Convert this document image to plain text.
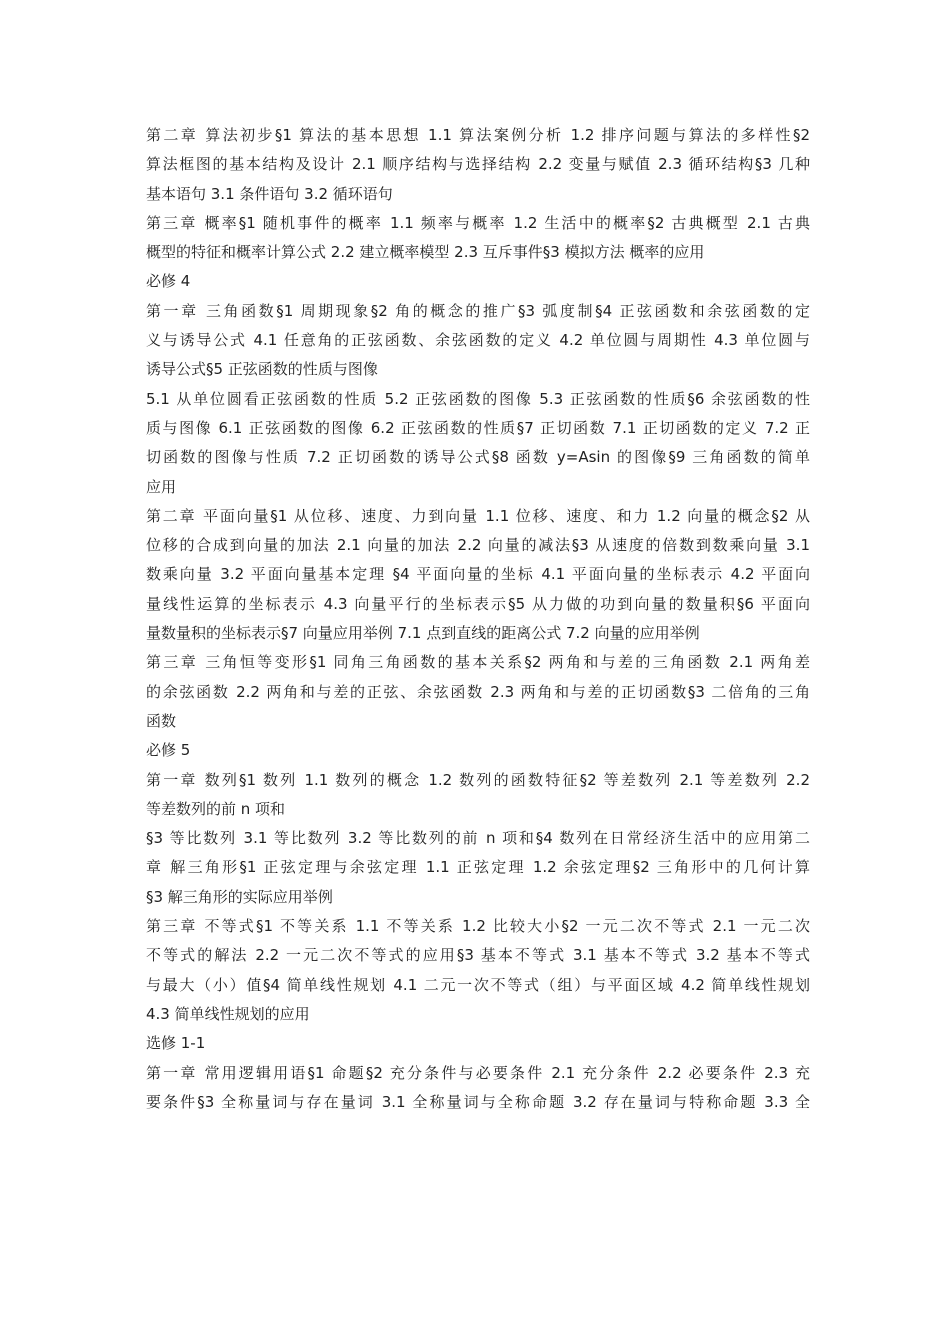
第二章 算法初步§1 算法的基本思想 1.1 算法案例分析 1.2 排序问题与算法的多样性§2
算法框图的基本结构及设计 2.1 顺序结构与选择结构 2.2 变量与赋值 2.3 循环结构§3 几种
基本语句 3.1 条件语句 3.2 循环语句
第三章 概率§1 随机事件的概率 1.1 频率与概率 1.2 生活中的概率§2 古典概型 2.1 古典
概型的特征和概率计算公式 2.2 建立概率模型 2.3 互斥事件§3 模拟方法 概率的应用
必修 4
第一章 三角函数§1 周期现象§2 角的概念的推广§3 弧度制§4 正弦函数和余弦函数的定
义与诱导公式 4.1 任意角的正弦函数、余弦函数的定义 4.2 单位圆与周期性 4.3 单位圆与
诱导公式§5 正弦函数的性质与图像
5.1 从单位圆看正弦函数的性质 5.2 正弦函数的图像 5.3 正弦函数的性质§6 余弦函数的性
质与图像 6.1 正弦函数的图像 6.2 正弦函数的性质§7 正切函数 7.1 正切函数的定义 7.2 正
切函数的图像与性质 7.2 正切函数的诱导公式§8 函数 y=Asin 的图像§9 三角函数的简单
应用
第二章 平面向量§1 从位移、速度、力到向量 1.1 位移、速度、和力 1.2 向量的概念§2 从
位移的合成到向量的加法 2.1 向量的加法 2.2 向量的减法§3 从速度的倍数到数乘向量 3.1
数乘向量 3.2 平面向量基本定理 §4 平面向量的坐标 4.1 平面向量的坐标表示 4.2 平面向
量线性运算的坐标表示 4.3 向量平行的坐标表示§5 从力做的功到向量的数量积§6 平面向
量数量积的坐标表示§7 向量应用举例 7.1 点到直线的距离公式 7.2 向量的应用举例
第三章 三角恒等变形§1 同角三角函数的基本关系§2 两角和与差的三角函数 2.1 两角差
的余弦函数 2.2 两角和与差的正弦、余弦函数 2.3 两角和与差的正切函数§3 二倍角的三角
函数
必修 5
第一章 数列§1 数列 1.1 数列的概念 1.2 数列的函数特征§2 等差数列 2.1 等差数列 2.2
等差数列的前 n 项和
§3 等比数列 3.1 等比数列 3.2 等比数列的前 n 项和§4 数列在日常经济生活中的应用第二
章 解三角形§1 正弦定理与余弦定理 1.1 正弦定理 1.2 余弦定理§2 三角形中的几何计算
§3 解三角形的实际应用举例
第三章 不等式§1 不等关系 1.1 不等关系 1.2 比较大小§2 一元二次不等式 2.1 一元二次
不等式的解法 2.2 一元二次不等式的应用§3 基本不等式 3.1 基本不等式 3.2 基本不等式
与最大（小）值§4 简单线性规划 4.1 二元一次不等式（组）与平面区域 4.2 简单线性规划
4.3 简单线性规划的应用
选修 1-1
第一章 常用逻辑用语§1 命题§2 充分条件与必要条件 2.1 充分条件 2.2 必要条件 2.3 充
要条件§3 全称量词与存在量词 3.1 全称量词与全称命题 3.2 存在量词与特称命题 3.3 全
